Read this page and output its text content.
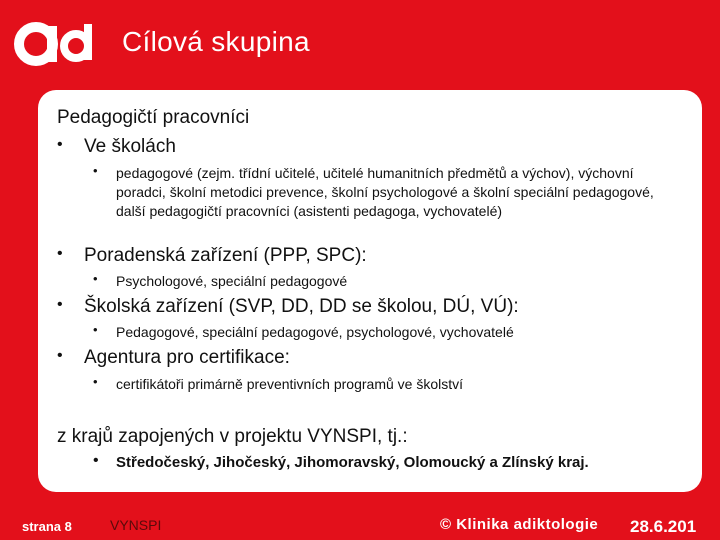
Cílová skupina
Pedagogičtí pracovníci
• Ve školách
• pedagogové (zejm. třídní učitelé, učitelé humanitních předmětů a výchov), výchovní poradci, školní metodici prevence, školní psychologové a školní speciální pedagogové, další pedagogičtí pracovníci (asistenti pedagoga, vychovatelé)
• Poradenská zařízení (PPP, SPC):
• Psychologové, speciální pedagogové
• Školská zařízení (SVP, DD, DD se školou, DÚ, VÚ):
• Pedagogové, speciální pedagogové, psychologové, vychovatelé
• Agentura pro certifikace:
• certifikátoři primárně preventivních programů ve školství
z krajů zapojených v projektu VYNSPI, tj.:
• Středočeský, Jihočeský, Jihomoravský, Olomoucký a Zlínský kraj.
strana 8	VYNSPI	© Klinika adiktologie 28.6.201
